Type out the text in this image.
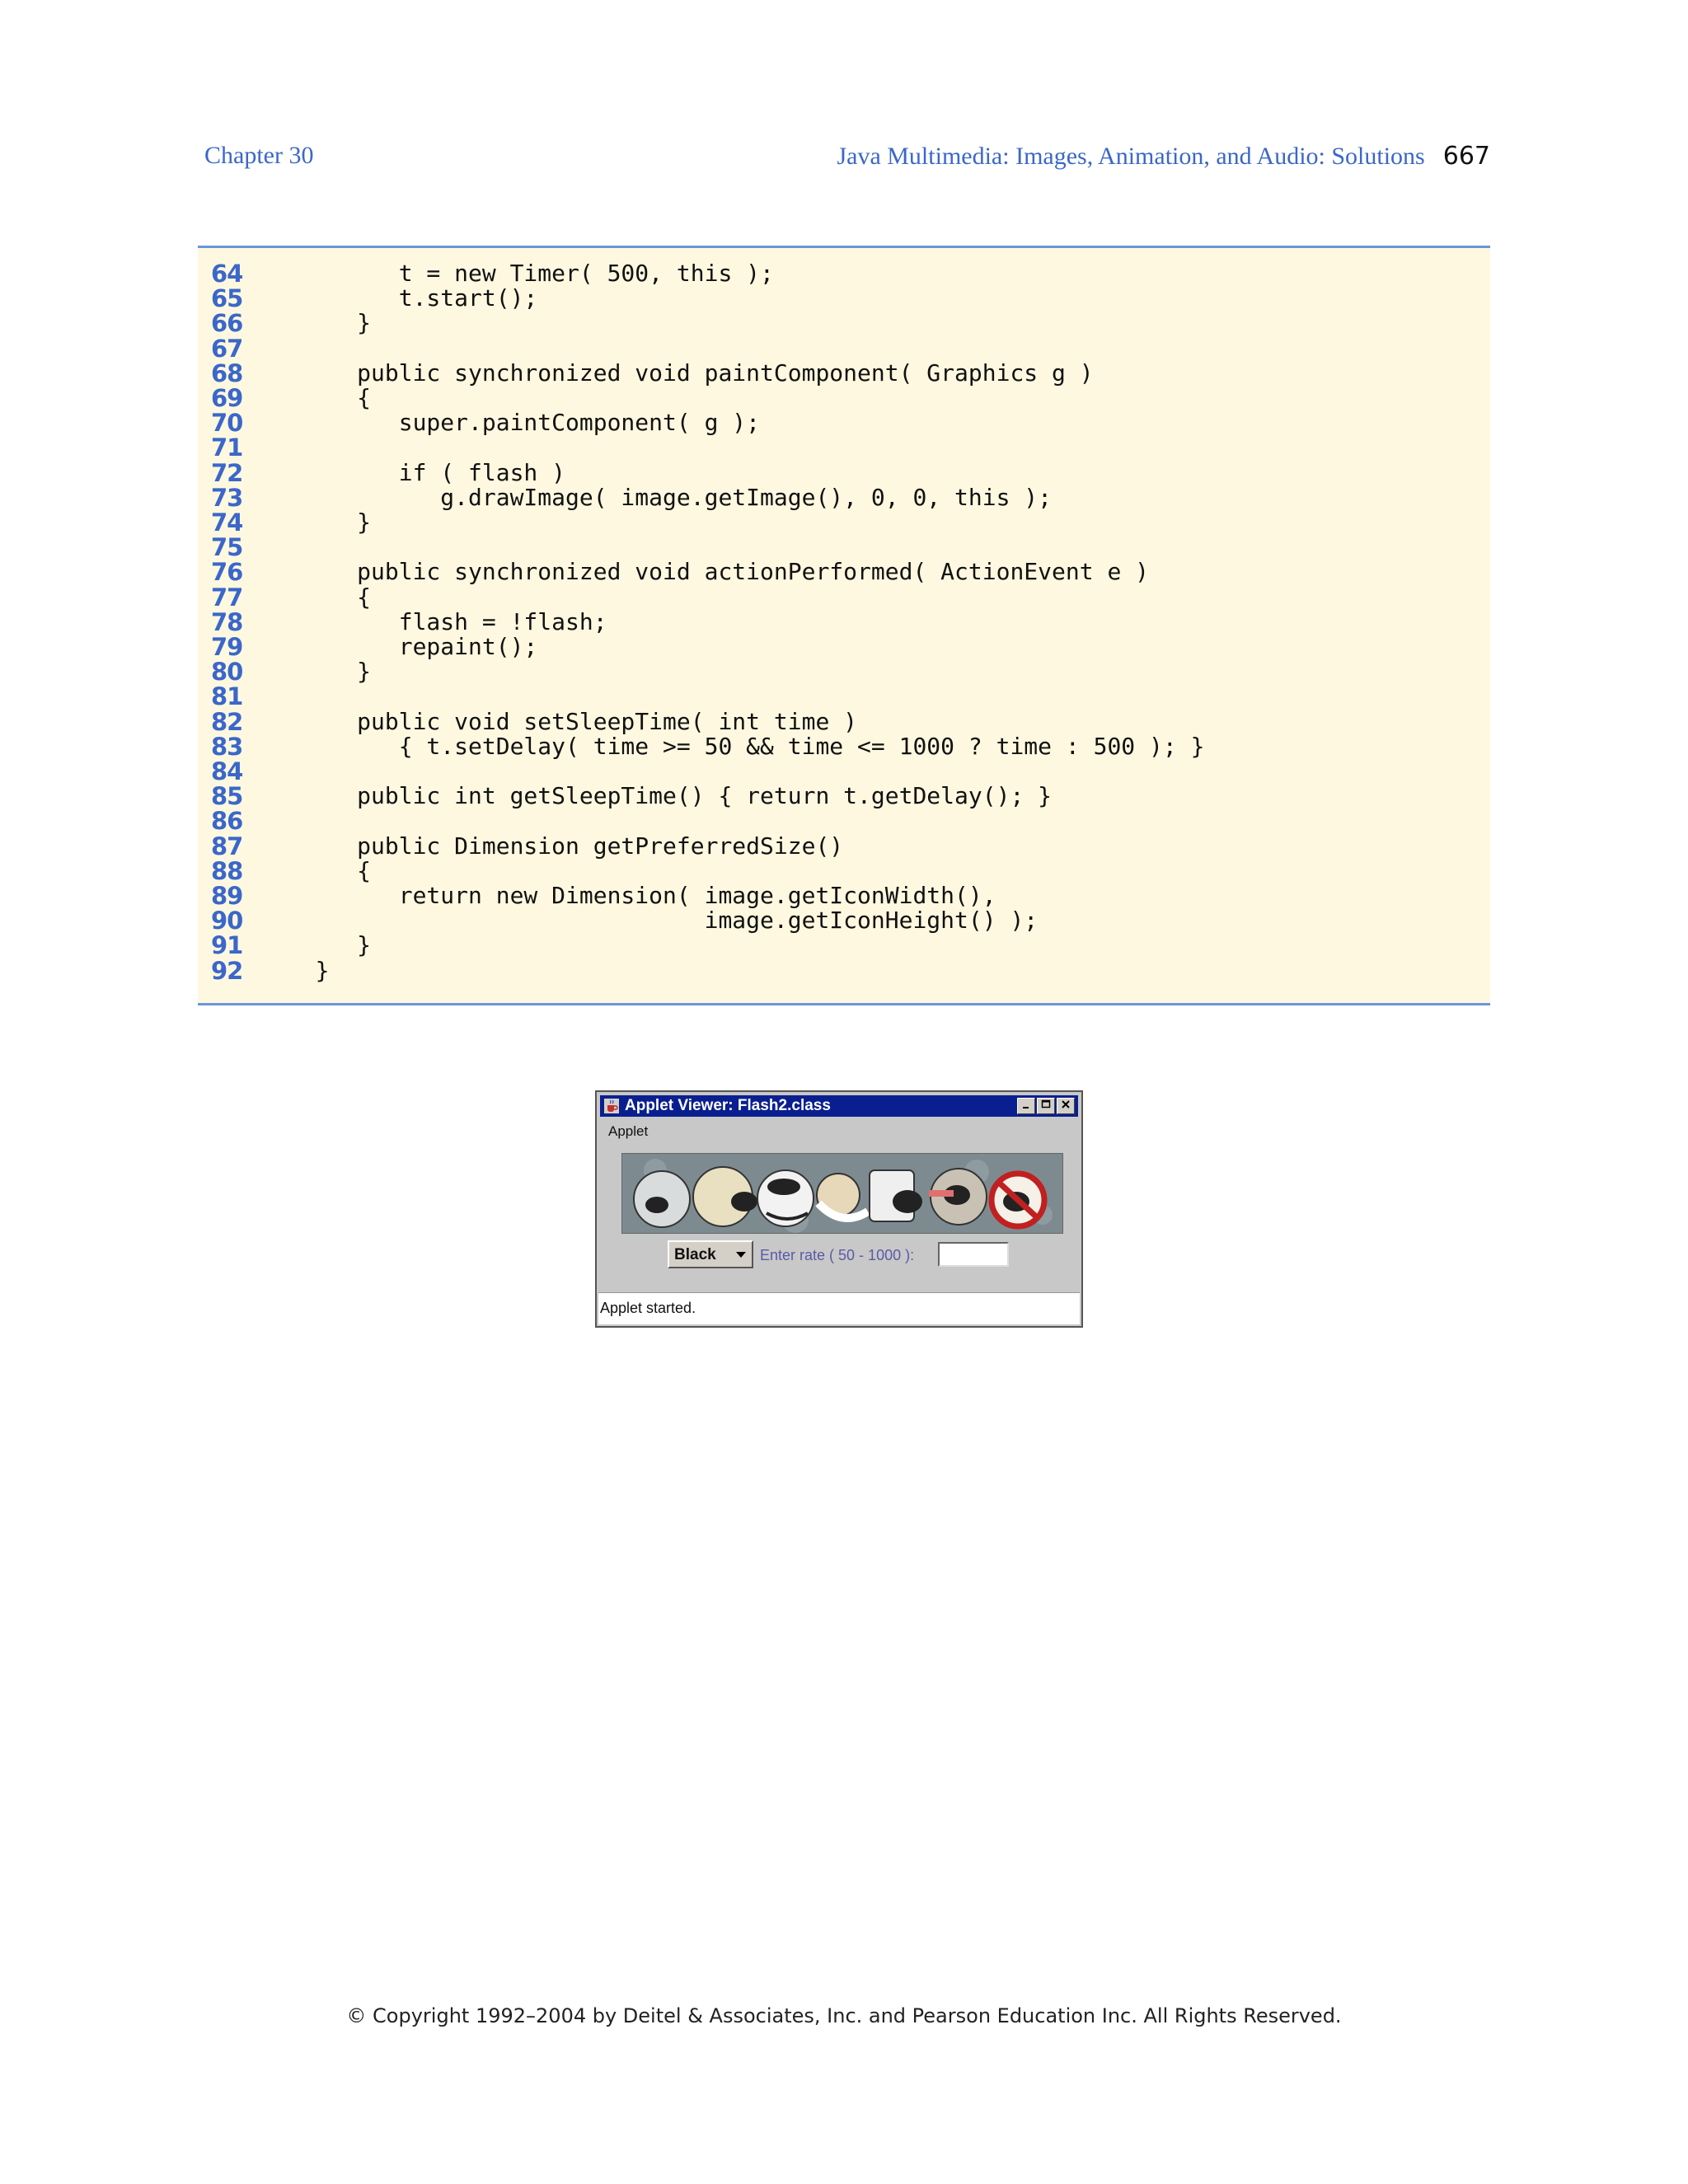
Chapter 30	Java Multimedia: Images, Animation, and Audio: Solutions 667
64	t = new Timer( 500, this );
65	t.start();
66	}
67
68	public synchronized void paintComponent( Graphics g )
69	{
70	super.paintComponent( g );
71
72	if ( flash )
73	g.drawImage( image.getImage(), 0, 0, this );
74	}
75
76	public synchronized void actionPerformed( ActionEvent e )
77	{
78	flash = !flash;
79	repaint();
80	}
81
82	public void setSleepTime( int time )
83	{ t.setDelay( time >= 50 && time <= 1000 ? time : 500 ); }
84
85	public int getSleepTime() { return t.getDelay(); }
86
87	public Dimension getPreferredSize()
88	{
89	return new Dimension( image.getIconWidth(),
90	image.getIconHeight() );
91	}
92	}
Applet Viewer: Flash2.class
Applet
Black	Enter rate ( 50 - 1000 ):
Applet started.
© Copyright 1992–2004 by Deitel & Associates, Inc. and Pearson Education Inc. All Rights Reserved.
